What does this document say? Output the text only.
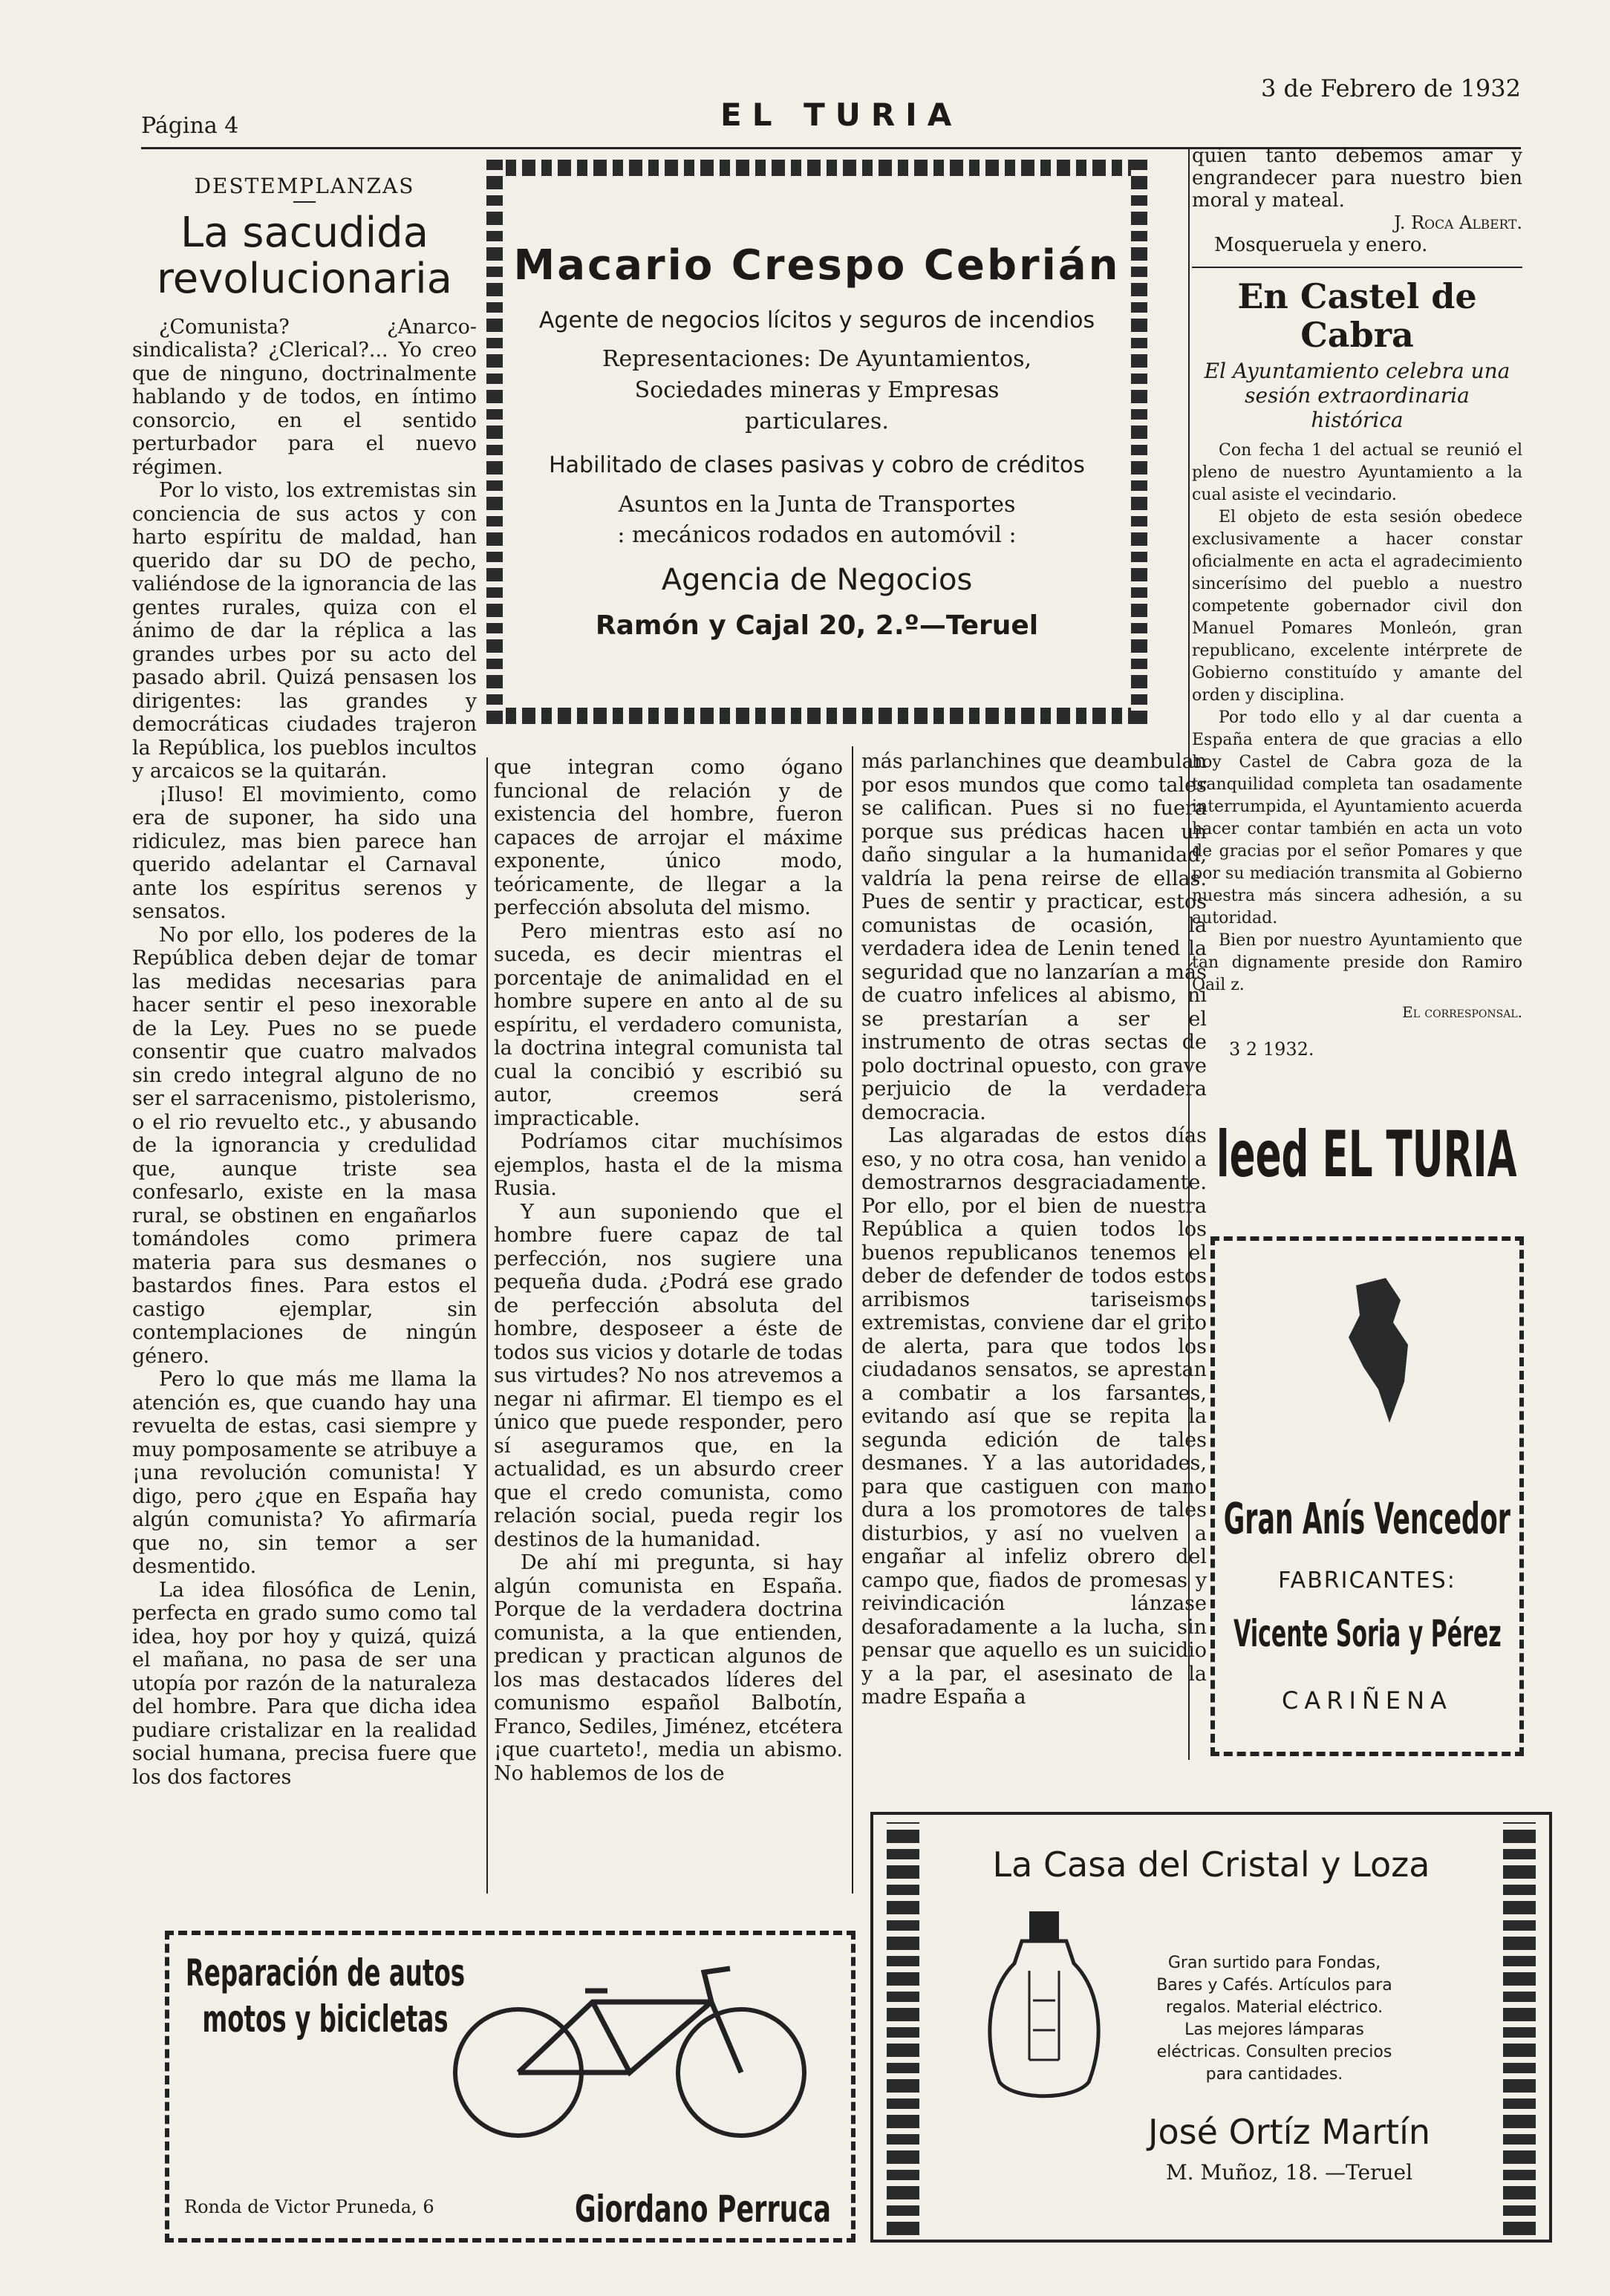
Página 4	EL TURIA
3 de Febrero de 1932
DESTEMPLANZAS
La sacudida revolucionaria

¿Comunista? ¿Anarco-sindicalista? ¿Clerical?... Yo creo que de ninguno, doctrinalmente hablando y de todos, en íntimo consorcio, en el sentido perturbador para el nuevo régimen.

Por lo visto, los extremistas sin conciencia de sus actos y con harto espíritu de maldad, han querido dar su DO de pecho, valiéndose de la ignorancia de las gentes rurales, quiza con el ánimo de dar la réplica a las grandes urbes por su acto del pasado abril. Quizá pensasen los dirigentes: las grandes y democráticas ciudades trajeron la República, los pueblos incultos y arcaicos se la quitarán.

¡Iluso! El movimiento, como era de suponer, ha sido una ridiculez, mas bien parece han querido adelantar el Carnaval ante los espíritus serenos y sensatos.

No por ello, los poderes de la República deben dejar de tomar las medidas necesarias para hacer sentir el peso inexorable de la Ley. Pues no se puede consentir que cuatro malvados sin credo integral alguno de no ser el sarracenismo, pistolerismo, o el rio revuelto etc., y abusando de la ignorancia y credulidad que, aunque triste sea confesarlo, existe en la masa rural, se obstinen en engañarlos tomándoles como primera materia para sus desmanes o bastardos fines. Para estos el castigo ejemplar, sin contemplaciones de ningún género.

Pero lo que más me llama la atención es, que cuando hay una revuelta de estas, casi siempre y muy pomposamente se atribuye a ¡una revolución comunista! Y digo, pero ¿que en España hay algún comunista? Yo afirmaría que no, sin temor a ser desmentido.

La idea filosófica de Lenin, perfecta en grado sumo como tal idea, hoy por hoy y quizá, quizá el mañana, no pasa de ser una utopía por razón de la naturaleza del hombre. Para que dicha idea pudiare cristalizar en la realidad social humana, precisa fuere que los dos factores

Macario Crespo Cebrián
Agente de negocios lícitos y seguros de incendios
Representaciones: De Ayuntamientos, Sociedades mineras y Empresas particulares.
Habilitado de clases pasivas y cobro de créditos
Asuntos en la Junta de Transportes
: mecánicos rodados en automóvil :
Agencia de Negocios
Ramón y Cajal 20, 2.º—Teruel

que integran como ógano funcional de relación y de existencia del hombre, fueron capaces de arrojar el máxime exponente, único modo, teóricamente, de llegar a la perfección absoluta del mismo.

Pero mientras esto así no suceda, es decir mientras el porcentaje de animalidad en el hombre supere en anto al de su espíritu, el verdadero comunista, la doctrina integral comunista tal cual la concibió y escribió su autor, creemos será impracticable.

Podríamos citar muchísimos ejemplos, hasta el de la misma Rusia.

Y aun suponiendo que el hombre fuere capaz de tal perfección, nos sugiere una pequeña duda. ¿Podrá ese grado de perfección absoluta del hombre, desposeer a éste de todos sus vicios y dotarle de todas sus virtudes? No nos atrevemos a negar ni afirmar. El tiempo es el único que puede responder, pero sí aseguramos que, en la actualidad, es un absurdo creer que el credo comunista, como relación social, pueda regir los destinos de la humanidad.

De ahí mi pregunta, si hay algún comunista en España. Porque de la verdadera doctrina comunista, a la que entienden, predican y practican algunos de los mas destacados líderes del comunismo español Balbotín, Franco, Sediles, Jiménez, etcétera ¡que cuarteto!, media un abismo. No hablemos de los de

más parlanchines que deambulan por esos mundos que como tales se califican. Pues si no fuera porque sus prédicas hacen un daño singular a la humanidad, valdría la pena reirse de ellas. Pues de sentir y practicar, estos comunistas de ocasión, la verdadera idea de Lenin tened la seguridad que no lanzarían a más de cuatro infelices al abismo, ni se prestarían a ser el instrumento de otras sectas de polo doctrinal opuesto, con grave perjuicio de la verdadera democracia.

Las algaradas de estos días eso, y no otra cosa, han venido a demostrarnos desgraciadamente. Por ello, por el bien de nuestra República a quien todos los buenos republicanos tenemos el deber de defender de todos estos arribismos tariseismos extremistas, conviene dar el grito de alerta, para que todos los ciudadanos sensatos, se aprestan a combatir a los farsantes, evitando así que se repita la segunda edición de tales desmanes. Y a las autoridades, para que castiguen con mano dura a los promotores de tales disturbios, y así no vuelven a engañar al infeliz obrero del campo que, fiados de promesas y reivindicación lánzase desaforadamente a la lucha, sin pensar que aquello es un suicidio y a la par, el asesinato de la madre España a

quien tanto debemos amar y engrandecer para nuestro bien moral y mateal.

J. Roca Albert.
Mosqueruela y enero.
En Castel de Cabra
El Ayuntamiento celebra una sesión extraordinaria histórica

Con fecha 1 del actual se reunió el pleno de nuestro Ayuntamiento a la cual asiste el vecindario.

El objeto de esta sesión obedece exclusivamente a hacer constar oficialmente en acta el agradecimiento sincerísimo del pueblo a nuestro competente gobernador civil don Manuel Pomares Monleón, gran republicano, excelente intérprete de Gobierno constituído y amante del orden y disciplina.

Por todo ello y al dar cuenta a España entera de que gracias a ello hoy Castel de Cabra goza de la tranquilidad completa tan osadamente interrumpida, el Ayuntamiento acuerda hacer contar también en acta un voto de gracias por el señor Pomares y que por su mediación transmita al Gobierno nuestra más sincera adhesión, a su autoridad.

Bien por nuestro Ayuntamiento que tan dignamente preside don Ramiro Qail z.

El corresponsal.
3 2 1932.
leed EL TURIA
Gran Anís Vencedor
FABRICANTES:
Vicente Soria y Pérez
CARIÑENA
Reparación de autos
motos y bicicletas
Ronda de Victor Pruneda, 6	Giordano Perruca
La Casa del Cristal y Loza
Gran surtido para Fondas, Bares y Cafés. Artículos para regalos. Material eléctrico. Las mejores lámparas eléctricas. Consulten precios para cantidades.
José Ortíz Martín
M. Muñoz, 18. —Teruel
